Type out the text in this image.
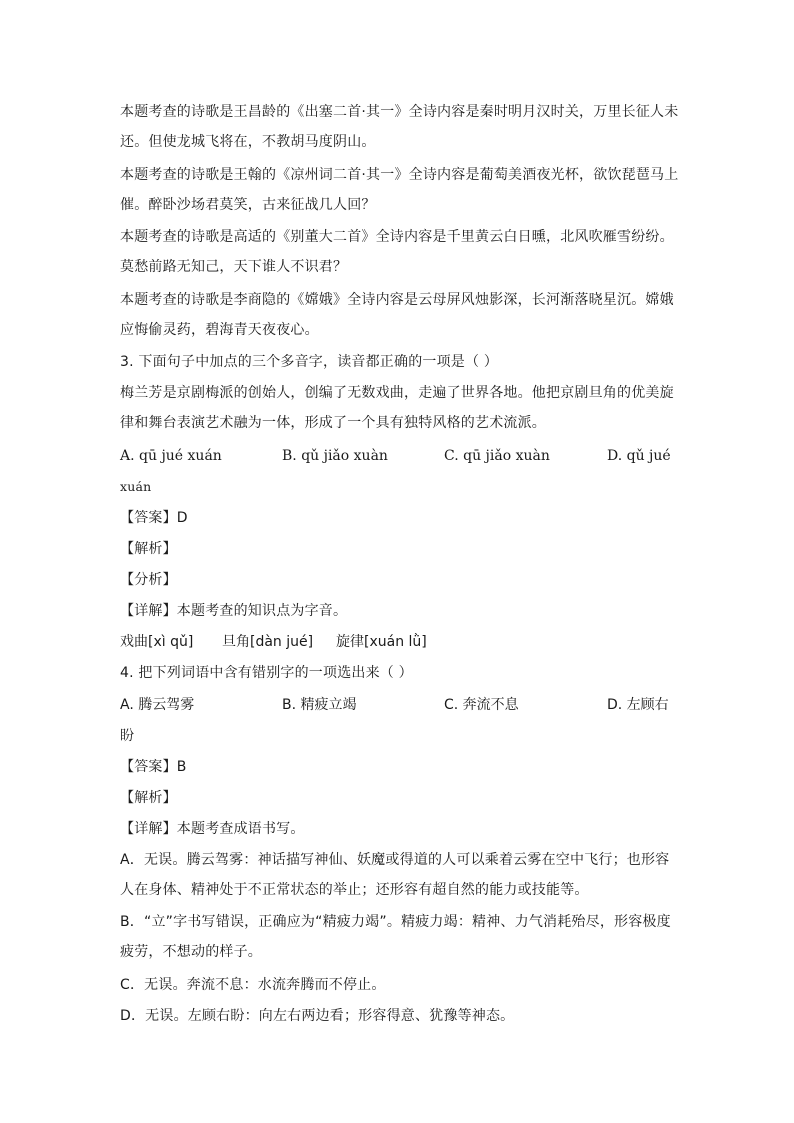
本题考查的诗歌是王昌龄的《出塞二首·其一》全诗内容是秦时明月汉时关，万里长征人未还。但使龙城飞将在，不教胡马度阴山。
本题考查的诗歌是王翰的《凉州词二首·其一》全诗内容是葡萄美酒夜光杯，欲饮琵琶马上催。醉卧沙场君莫笑，古来征战几人回？
本题考查的诗歌是高适的《别董大二首》全诗内容是千里黄云白日曛，北风吹雁雪纷纷。莫愁前路无知己，天下谁人不识君？
本题考查的诗歌是李商隐的《嫦娥》全诗内容是云母屏风烛影深，长河渐落晓星沉。嫦娥应悔偷灵药，碧海青天夜夜心。
3. 下面句子中加点的三个多音字，读音都正确的一项是（ ）
梅兰芳是京剧梅派的创始人，创编了无数戏曲，走遍了世界各地。他把京剧旦角的优美旋律和舞台表演艺术融为一体，形成了一个具有独特风格的艺术流派。
A. qū jué xuán	B. qǔ jiǎo xuàn	C. qū jiǎo xuàn	D. qǔ jué
xuán
【答案】D
【解析】
【分析】
【详解】本题考查的知识点为字音。
戏曲[xì qǔ] 旦角[dàn jué] 旋律[xuán lǜ]
4. 把下列词语中含有错别字的一项选出来（ ）
A. 腾云驾雾	B. 精疲立竭	C. 奔流不息	D. 左顾右
盼
【答案】B
【解析】
【详解】本题考查成语书写。
A．无误。腾云驾雾：神话描写神仙、妖魔或得道的人可以乘着云雾在空中飞行；也形容人在身体、精神处于不正常状态的举止；还形容有超自然的能力或技能等。
B．“立”字书写错误，正确应为“精疲力竭”。精疲力竭：精神、力气消耗殆尽，形容极度疲劳，不想动的样子。
C．无误。奔流不息：水流奔腾而不停止。
D．无误。左顾右盼：向左右两边看；形容得意、犹豫等神态。
